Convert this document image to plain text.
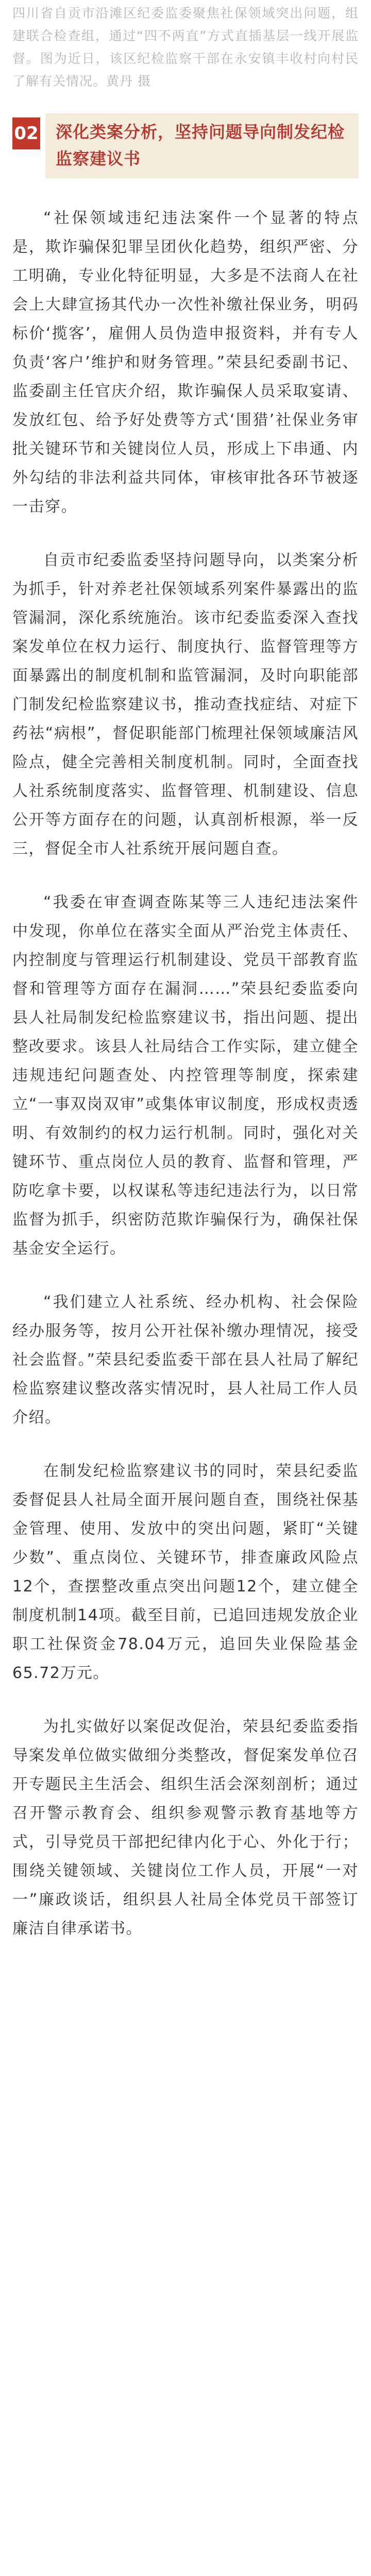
四川省自贡市沿滩区纪委监委聚焦社保领域突出问题，组建联合检查组，通过“四不两直”方式直插基层一线开展监督。图为近日，该区纪检监察干部在永安镇丰收村向村民了解有关情况。黄丹 摄

02 深化类案分析，坚持问题导向制发纪检监察建议书

“社保领域违纪违法案件一个显著的特点是，欺诈骗保犯罪呈团伙化趋势，组织严密、分工明确，专业化特征明显，大多是不法商人在社会上大肆宣扬其代办一次性补缴社保业务，明码标价‘揽客’，雇佣人员伪造申报资料，并有专人负责‘客户’维护和财务管理。”荣县纪委副书记、监委副主任官庆介绍，欺诈骗保人员采取宴请、发放红包、给予好处费等方式‘围猎’社保业务审批关键环节和关键岗位人员，形成上下串通、内外勾结的非法利益共同体，审核审批各环节被逐一击穿。

自贡市纪委监委坚持问题导向，以类案分析为抓手，针对养老社保领域系列案件暴露出的监管漏洞，深化系统施治。该市纪委监委深入查找案发单位在权力运行、制度执行、监督管理等方面暴露出的制度机制和监管漏洞，及时向职能部门制发纪检监察建议书，推动查找症结、对症下药祛“病根”，督促职能部门梳理社保领域廉洁风险点，健全完善相关制度机制。同时，全面查找人社系统制度落实、监督管理、机制建设、信息公开等方面存在的问题，认真剖析根源，举一反三，督促全市人社系统开展问题自查。

“我委在审查调查陈某等三人违纪违法案件中发现，你单位在落实全面从严治党主体责任、内控制度与管理运行机制建设、党员干部教育监督和管理等方面存在漏洞……”荣县纪委监委向县人社局制发纪检监察建议书，指出问题、提出整改要求。该县人社局结合工作实际，建立健全违规违纪问题查处、内控管理等制度，探索建立“一事双岗双审”或集体审议制度，形成权责透明、有效制约的权力运行机制。同时，强化对关键环节、重点岗位人员的教育、监督和管理，严防吃拿卡要，以权谋私等违纪违法行为，以日常监督为抓手，织密防范欺诈骗保行为，确保社保基金安全运行。

“我们建立人社系统、经办机构、社会保险经办服务等，按月公开社保补缴办理情况，接受社会监督。”荣县纪委监委干部在县人社局了解纪检监察建议整改落实情况时，县人社局工作人员介绍。

在制发纪检监察建议书的同时，荣县纪委监委督促县人社局全面开展问题自查，围绕社保基金管理、使用、发放中的突出问题，紧盯“关键少数”、重点岗位、关键环节，排查廉政风险点12个，查摆整改重点突出问题12个，建立健全制度机制14项。截至目前，已追回违规发放企业职工社保资金78.04万元，追回失业保险基金65.72万元。

为扎实做好以案促改促治，荣县纪委监委指导案发单位做实做细分类整改，督促案发单位召开专题民主生活会、组织生活会深刻剖析；通过召开警示教育会、组织参观警示教育基地等方式，引导党员干部把纪律内化于心、外化于行；围绕关键领域、关键岗位工作人员，开展“一对一”廉政谈话，组织县人社局全体党员干部签订廉洁自律承诺书。
